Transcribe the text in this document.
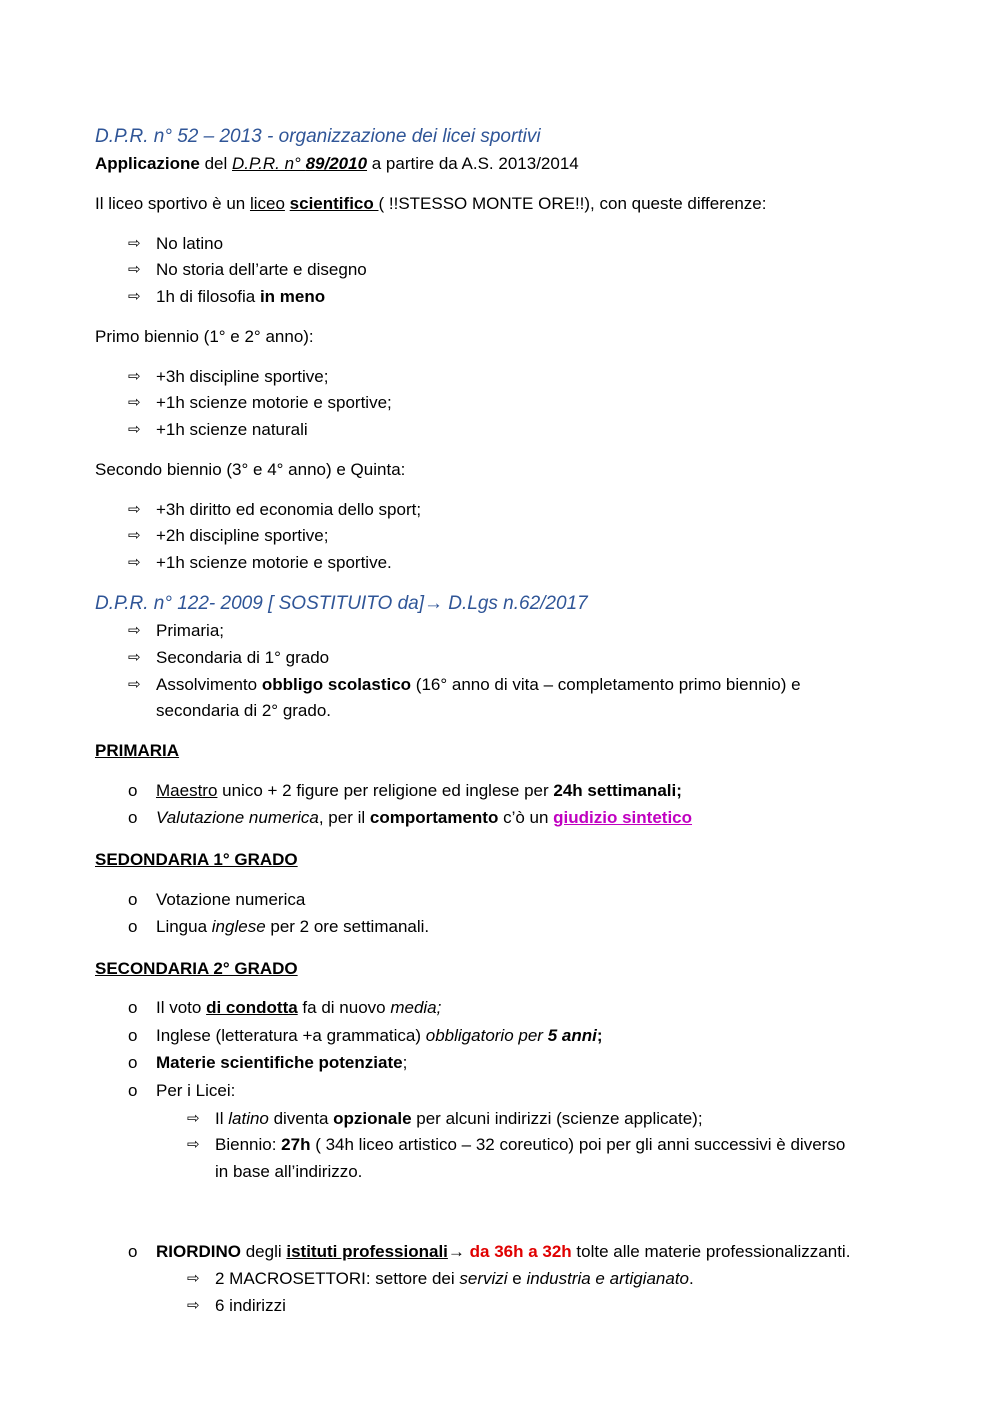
D.P.R. n° 52 – 2013 - organizzazione dei licei sportivi
Applicazione del D.P.R. n° 89/2010 a partire da A.S. 2013/2014
Il liceo sportivo è un liceo scientifico ( !!STESSO MONTE ORE!!), con queste differenze:
⇨ No latino
⇨ No storia dell’arte e disegno
⇨ 1h di filosofia in meno
Primo biennio (1° e 2° anno):
⇨ +3h discipline sportive;
⇨ +1h scienze motorie e sportive;
⇨ +1h scienze naturali
Secondo biennio (3° e 4° anno) e Quinta:
⇨ +3h diritto ed economia dello sport;
⇨ +2h discipline sportive;
⇨ +1h scienze motorie e sportive.
D.P.R. n° 122- 2009 [ SOSTITUITO da]→ D.Lgs n.62/2017
⇨ Primaria;
⇨ Secondaria di 1° grado
⇨ Assolvimento obbligo scolastico (16° anno di vita – completamento primo biennio) e
secondaria di 2° grado.
PRIMARIA
o Maestro unico + 2 figure per religione ed inglese per 24h settimanali;
o Valutazione numerica, per il comportamento c’ò un giudizio sintetico
SEDONDARIA 1° GRADO
o Votazione numerica
o Lingua inglese per 2 ore settimanali.
SECONDARIA 2° GRADO
o Il voto di condotta fa di nuovo media;
o Inglese (letteratura +a grammatica) obbligatorio per 5 anni;
o Materie scientifiche potenziate;
o Per i Licei:
⇨ Il latino diventa opzionale per alcuni indirizzi (scienze applicate);
⇨ Biennio: 27h ( 34h liceo artistico – 32 coreutico) poi per gli anni successivi è diverso
in base all’indirizzo.
o RIORDINO degli istituti professionali→ da 36h a 32h tolte alle materie professionalizzanti.
⇨ 2 MACROSETTORI: settore dei servizi e industria e artigianato.
⇨ 6 indirizzi
